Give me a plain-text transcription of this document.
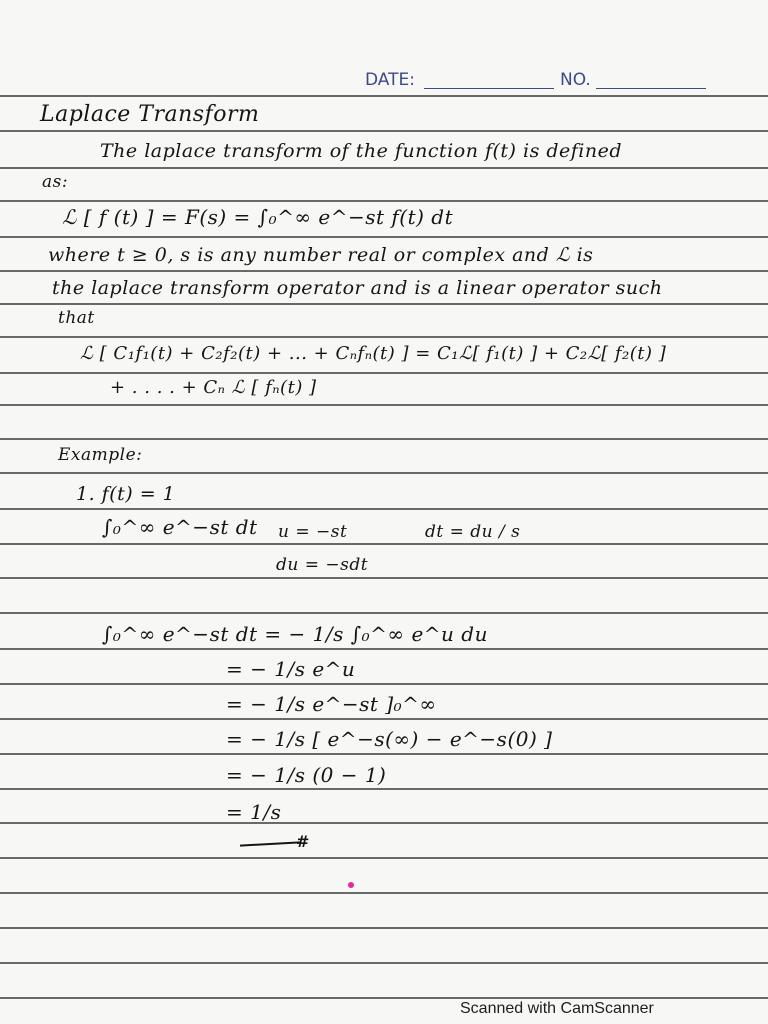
DATE:	NO.
Laplace Transform
The laplace transform of the function f(t) is defined
as:
ℒ [ f (t) ] = F(s) = ∫₀^∞ e^−st f(t) dt
where t ≥ 0, s is any number real or complex and ℒ is
the laplace transform operator and is a linear operator such
that
ℒ [ C₁f₁(t) + C₂f₂(t) + ... + Cₙfₙ(t) ] = C₁ℒ[ f₁(t) ] + C₂ℒ[ f₂(t) ]
+ . . . . + Cₙ ℒ [ fₙ(t) ]
Example:
1. f(t) = 1
∫₀^∞ e^−st dt u = −st	dt = du / s
du = −sdt
∫₀^∞ e^−st dt = − 1/s ∫₀^∞ e^u du
= − 1/s e^u
= − 1/s e^−st ]₀^∞
= − 1/s [ e^−s(∞) − e^−s(0) ]
= − 1/s (0 − 1)
= 1/s
#
Scanned with CamScanner
